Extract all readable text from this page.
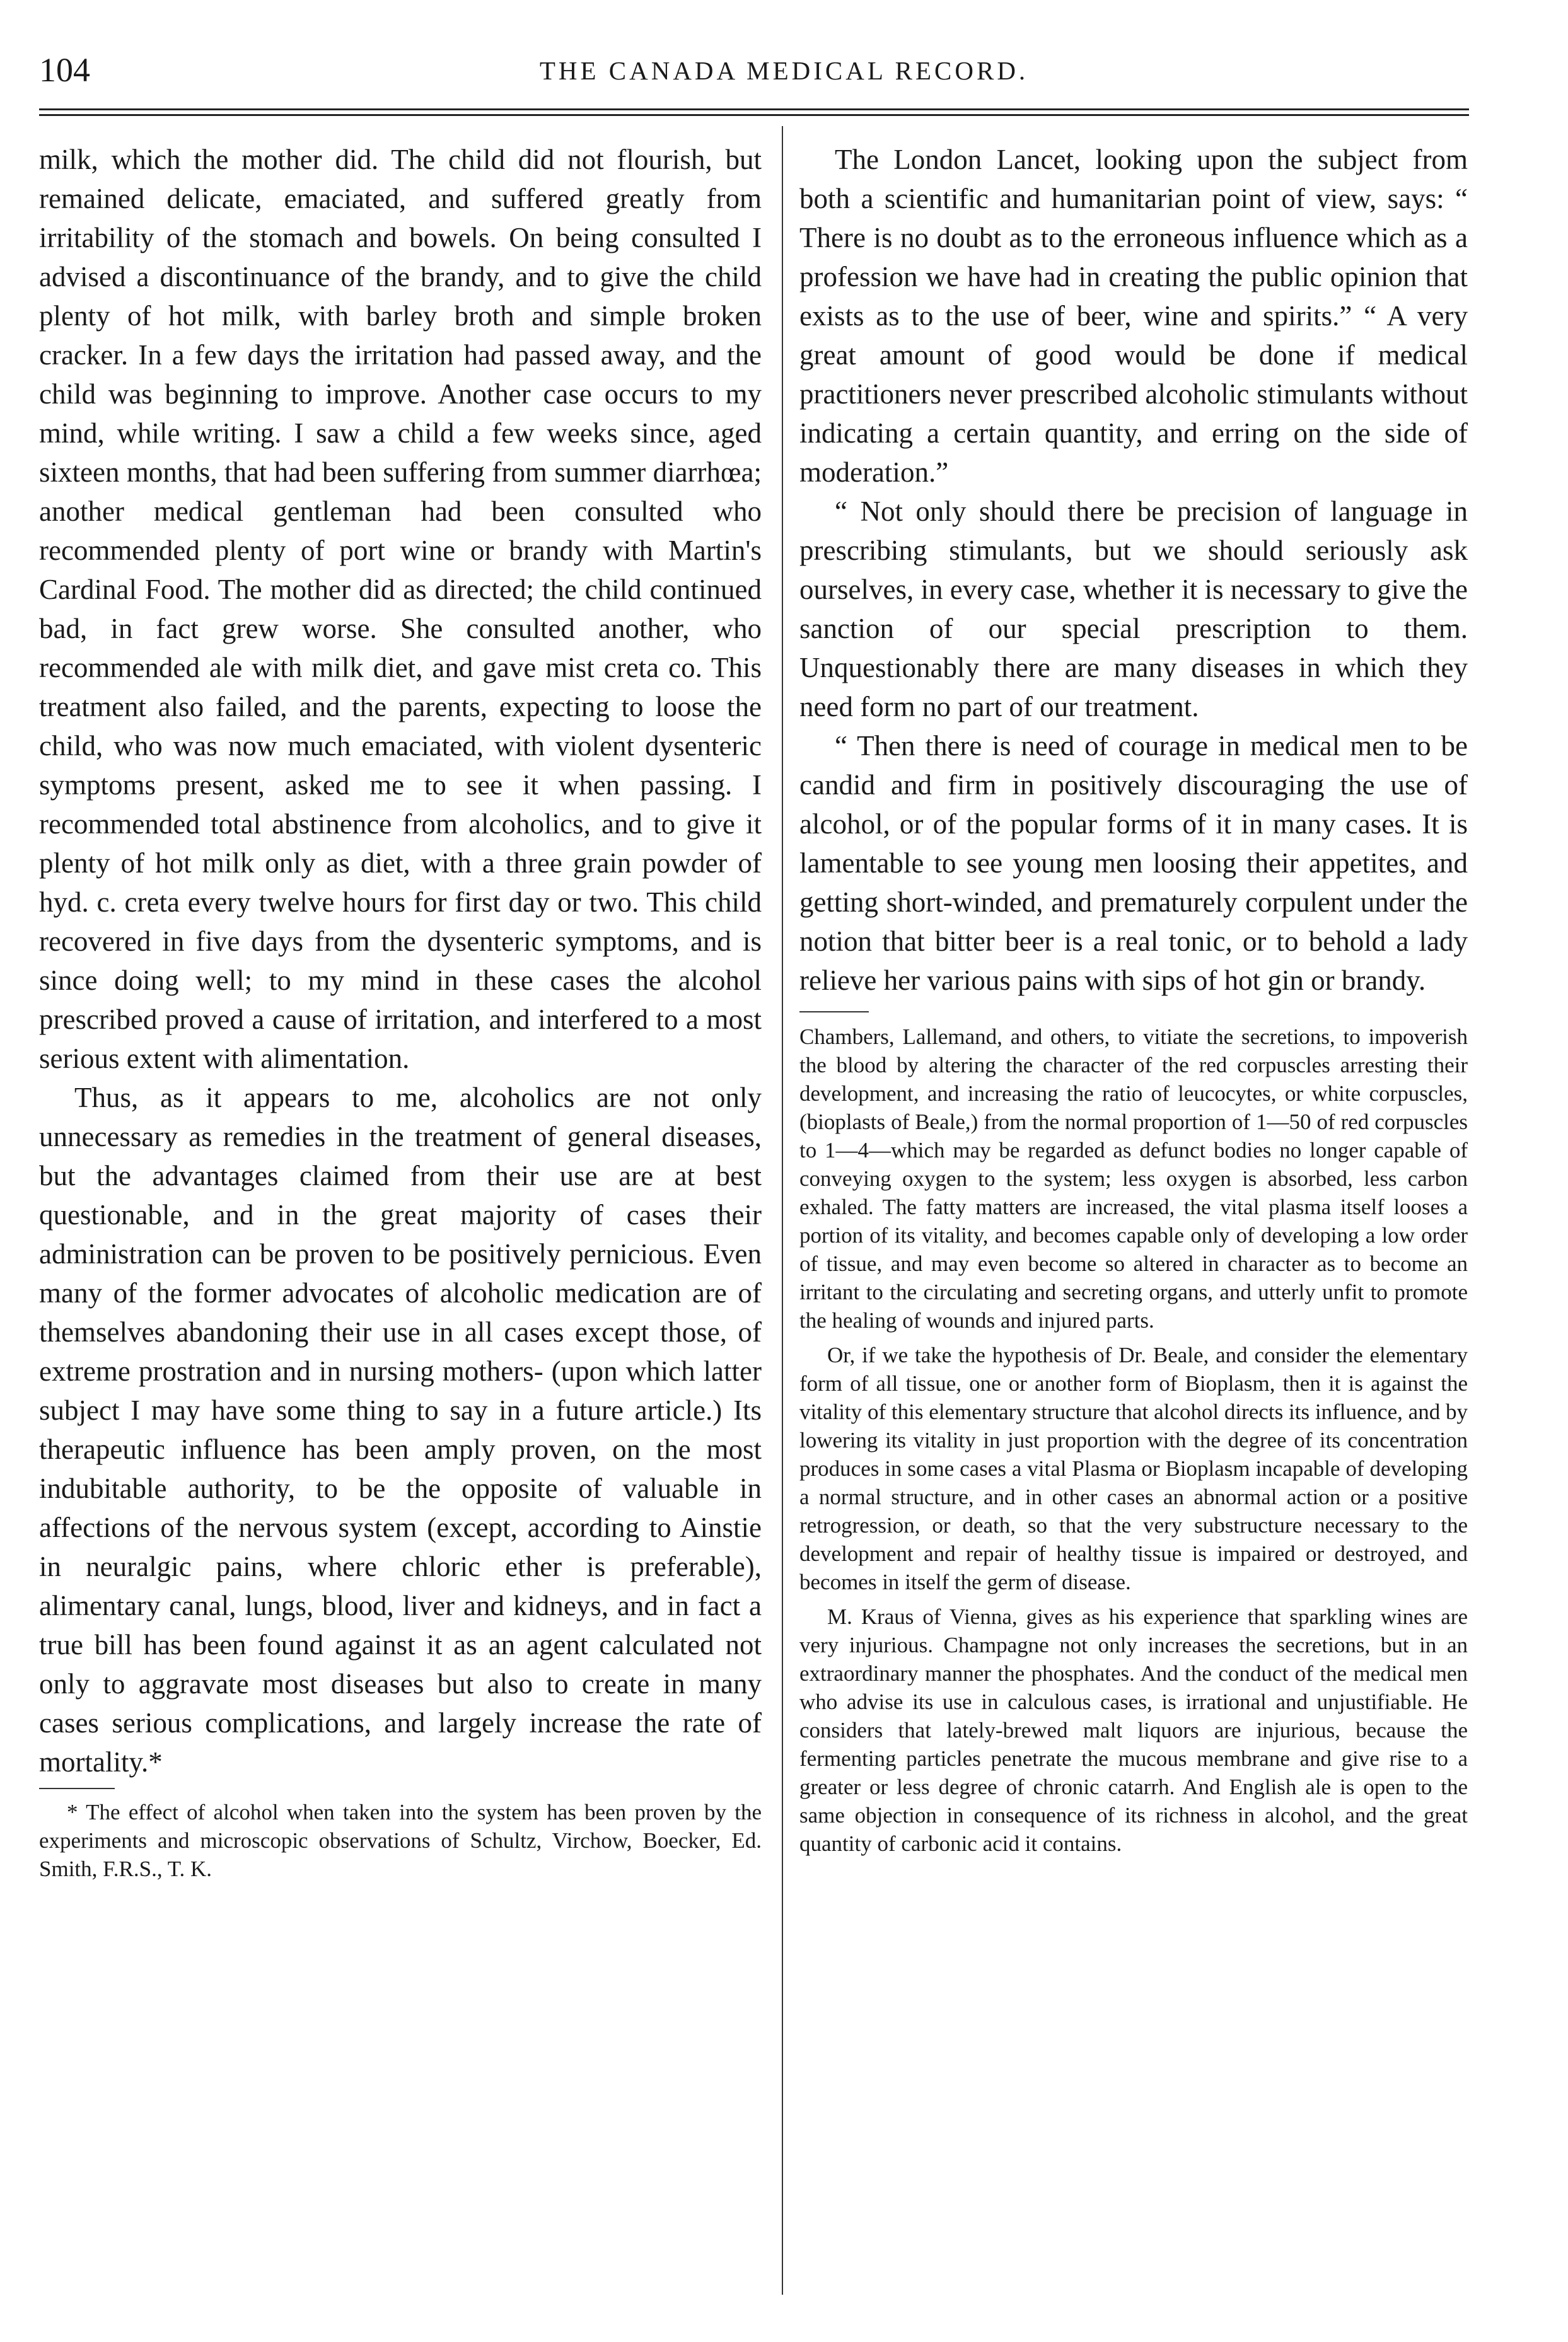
104	THE CANADA MEDICAL RECORD.

milk, which the mother did. The child did not flourish, but remained delicate, emaciated, and suffered greatly from irritability of the stomach and bowels. On being consulted I advised a discontinuance of the brandy, and to give the child plenty of hot milk, with barley broth and simple broken cracker. In a few days the irritation had passed away, and the child was beginning to improve. Another case occurs to my mind, while writing. I saw a child a few weeks since, aged sixteen months, that had been suffering from summer diarrhœa; another medical gentleman had been consulted who recommended plenty of port wine or brandy with Martin's Cardinal Food. The mother did as directed; the child continued bad, in fact grew worse. She consulted another, who recommended ale with milk diet, and gave mist creta co. This treatment also failed, and the parents, expecting to loose the child, who was now much emaciated, with violent dysenteric symptoms present, asked me to see it when passing. I recommended total abstinence from alcoholics, and to give it plenty of hot milk only as diet, with a three grain powder of hyd. c. creta every twelve hours for first day or two. This child recovered in five days from the dysenteric symptoms, and is since doing well; to my mind in these cases the alcohol prescribed proved a cause of irritation, and interfered to a most serious extent with alimentation.

Thus, as it appears to me, alcoholics are not only unnecessary as remedies in the treatment of general diseases, but the advantages claimed from their use are at best questionable, and in the great majority of cases their administration can be proven to be positively pernicious. Even many of the former advocates of alcoholic medication are of themselves abandoning their use in all cases except those, of extreme prostration and in nursing mothers- (upon which latter subject I may have some thing to say in a future article.) Its therapeutic influence has been amply proven, on the most indubitable authority, to be the opposite of valuable in affections of the nervous system (except, according to Ainstie in neuralgic pains, where chloric ether is preferable), alimentary canal, lungs, blood, liver and kidneys, and in fact a true bill has been found against it as an agent calculated not only to aggravate most diseases but also to create in many cases serious complications, and largely increase the rate of mortality.*

* The effect of alcohol when taken into the system has been proven by the experiments and microscopic observations of Schultz, Virchow, Boecker, Ed. Smith, F.R.S., T. K.

The London Lancet, looking upon the subject from both a scientific and humanitarian point of view, says: “ There is no doubt as to the erroneous influence which as a profession we have had in creating the public opinion that exists as to the use of beer, wine and spirits.” “ A very great amount of good would be done if medical practitioners never prescribed alcoholic stimulants without indicating a certain quantity, and erring on the side of moderation.”

“ Not only should there be precision of language in prescribing stimulants, but we should seriously ask ourselves, in every case, whether it is necessary to give the sanction of our special prescription to them. Unquestionably there are many diseases in which they need form no part of our treatment.

“ Then there is need of courage in medical men to be candid and firm in positively discouraging the use of alcohol, or of the popular forms of it in many cases. It is lamentable to see young men loosing their appetites, and getting short-winded, and prematurely corpulent under the notion that bitter beer is a real tonic, or to behold a lady relieve her various pains with sips of hot gin or brandy.

Chambers, Lallemand, and others, to vitiate the secretions, to impoverish the blood by altering the character of the red corpuscles arresting their development, and increasing the ratio of leucocytes, or white corpuscles, (bioplasts of Beale,) from the normal proportion of 1—50 of red corpuscles to 1—4—which may be regarded as defunct bodies no longer capable of conveying oxygen to the system; less oxygen is absorbed, less carbon exhaled. The fatty matters are increased, the vital plasma itself looses a portion of its vitality, and becomes capable only of developing a low order of tissue, and may even become so altered in character as to become an irritant to the circulating and secreting organs, and utterly unfit to promote the healing of wounds and injured parts.

Or, if we take the hypothesis of Dr. Beale, and consider the elementary form of all tissue, one or another form of Bioplasm, then it is against the vitality of this elementary structure that alcohol directs its influence, and by lowering its vitality in just proportion with the degree of its concentration produces in some cases a vital Plasma or Bioplasm incapable of developing a normal structure, and in other cases an abnormal action or a positive retrogression, or death, so that the very substructure necessary to the development and repair of healthy tissue is impaired or destroyed, and becomes in itself the germ of disease.

M. Kraus of Vienna, gives as his experience that sparkling wines are very injurious. Champagne not only increases the secretions, but in an extraordinary manner the phosphates. And the conduct of the medical men who advise its use in calculous cases, is irrational and unjustifiable. He considers that lately-brewed malt liquors are injurious, because the fermenting particles penetrate the mucous membrane and give rise to a greater or less degree of chronic catarrh. And English ale is open to the same objection in consequence of its richness in alcohol, and the great quantity of carbonic acid it contains.
